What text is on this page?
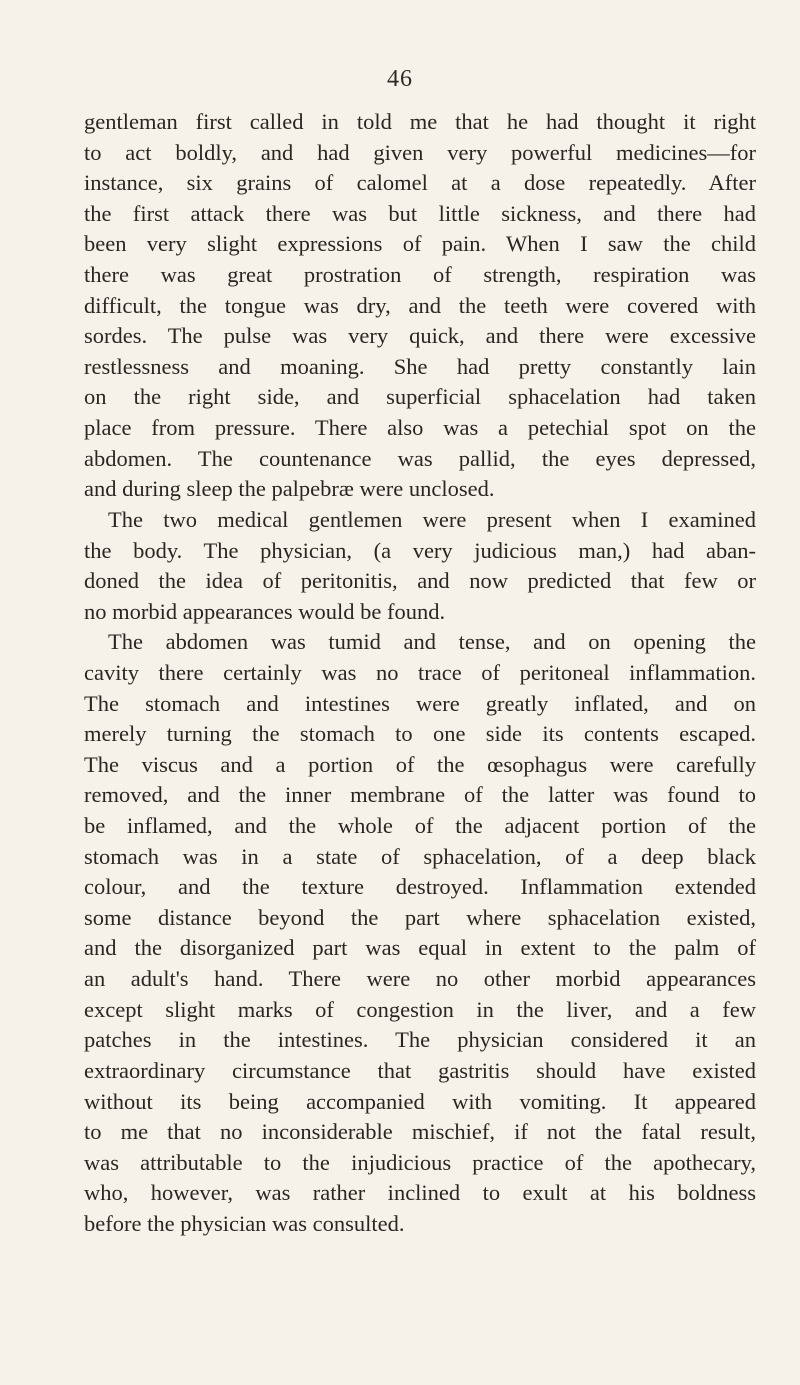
46
gentleman first called in told me that he had thought it right
to act boldly, and had given very powerful medicines—for
instance, six grains of calomel at a dose repeatedly. After
the first attack there was but little sickness, and there had
been very slight expressions of pain. When I saw the child
there was great prostration of strength, respiration was
difficult, the tongue was dry, and the teeth were covered with
sordes. The pulse was very quick, and there were excessive
restlessness and moaning. She had pretty constantly lain
on the right side, and superficial sphacelation had taken
place from pressure. There also was a petechial spot on the
abdomen. The countenance was pallid, the eyes depressed,
and during sleep the palpebræ were unclosed.
The two medical gentlemen were present when I examined
the body. The physician, (a very judicious man,) had aban-
doned the idea of peritonitis, and now predicted that few or
no morbid appearances would be found.
The abdomen was tumid and tense, and on opening the
cavity there certainly was no trace of peritoneal inflammation.
The stomach and intestines were greatly inflated, and on
merely turning the stomach to one side its contents escaped.
The viscus and a portion of the œsophagus were carefully
removed, and the inner membrane of the latter was found to
be inflamed, and the whole of the adjacent portion of the
stomach was in a state of sphacelation, of a deep black
colour, and the texture destroyed. Inflammation extended
some distance beyond the part where sphacelation existed,
and the disorganized part was equal in extent to the palm of
an adult's hand. There were no other morbid appearances
except slight marks of congestion in the liver, and a few
patches in the intestines. The physician considered it an
extraordinary circumstance that gastritis should have existed
without its being accompanied with vomiting. It appeared
to me that no inconsiderable mischief, if not the fatal result,
was attributable to the injudicious practice of the apothecary,
who, however, was rather inclined to exult at his boldness
before the physician was consulted.
